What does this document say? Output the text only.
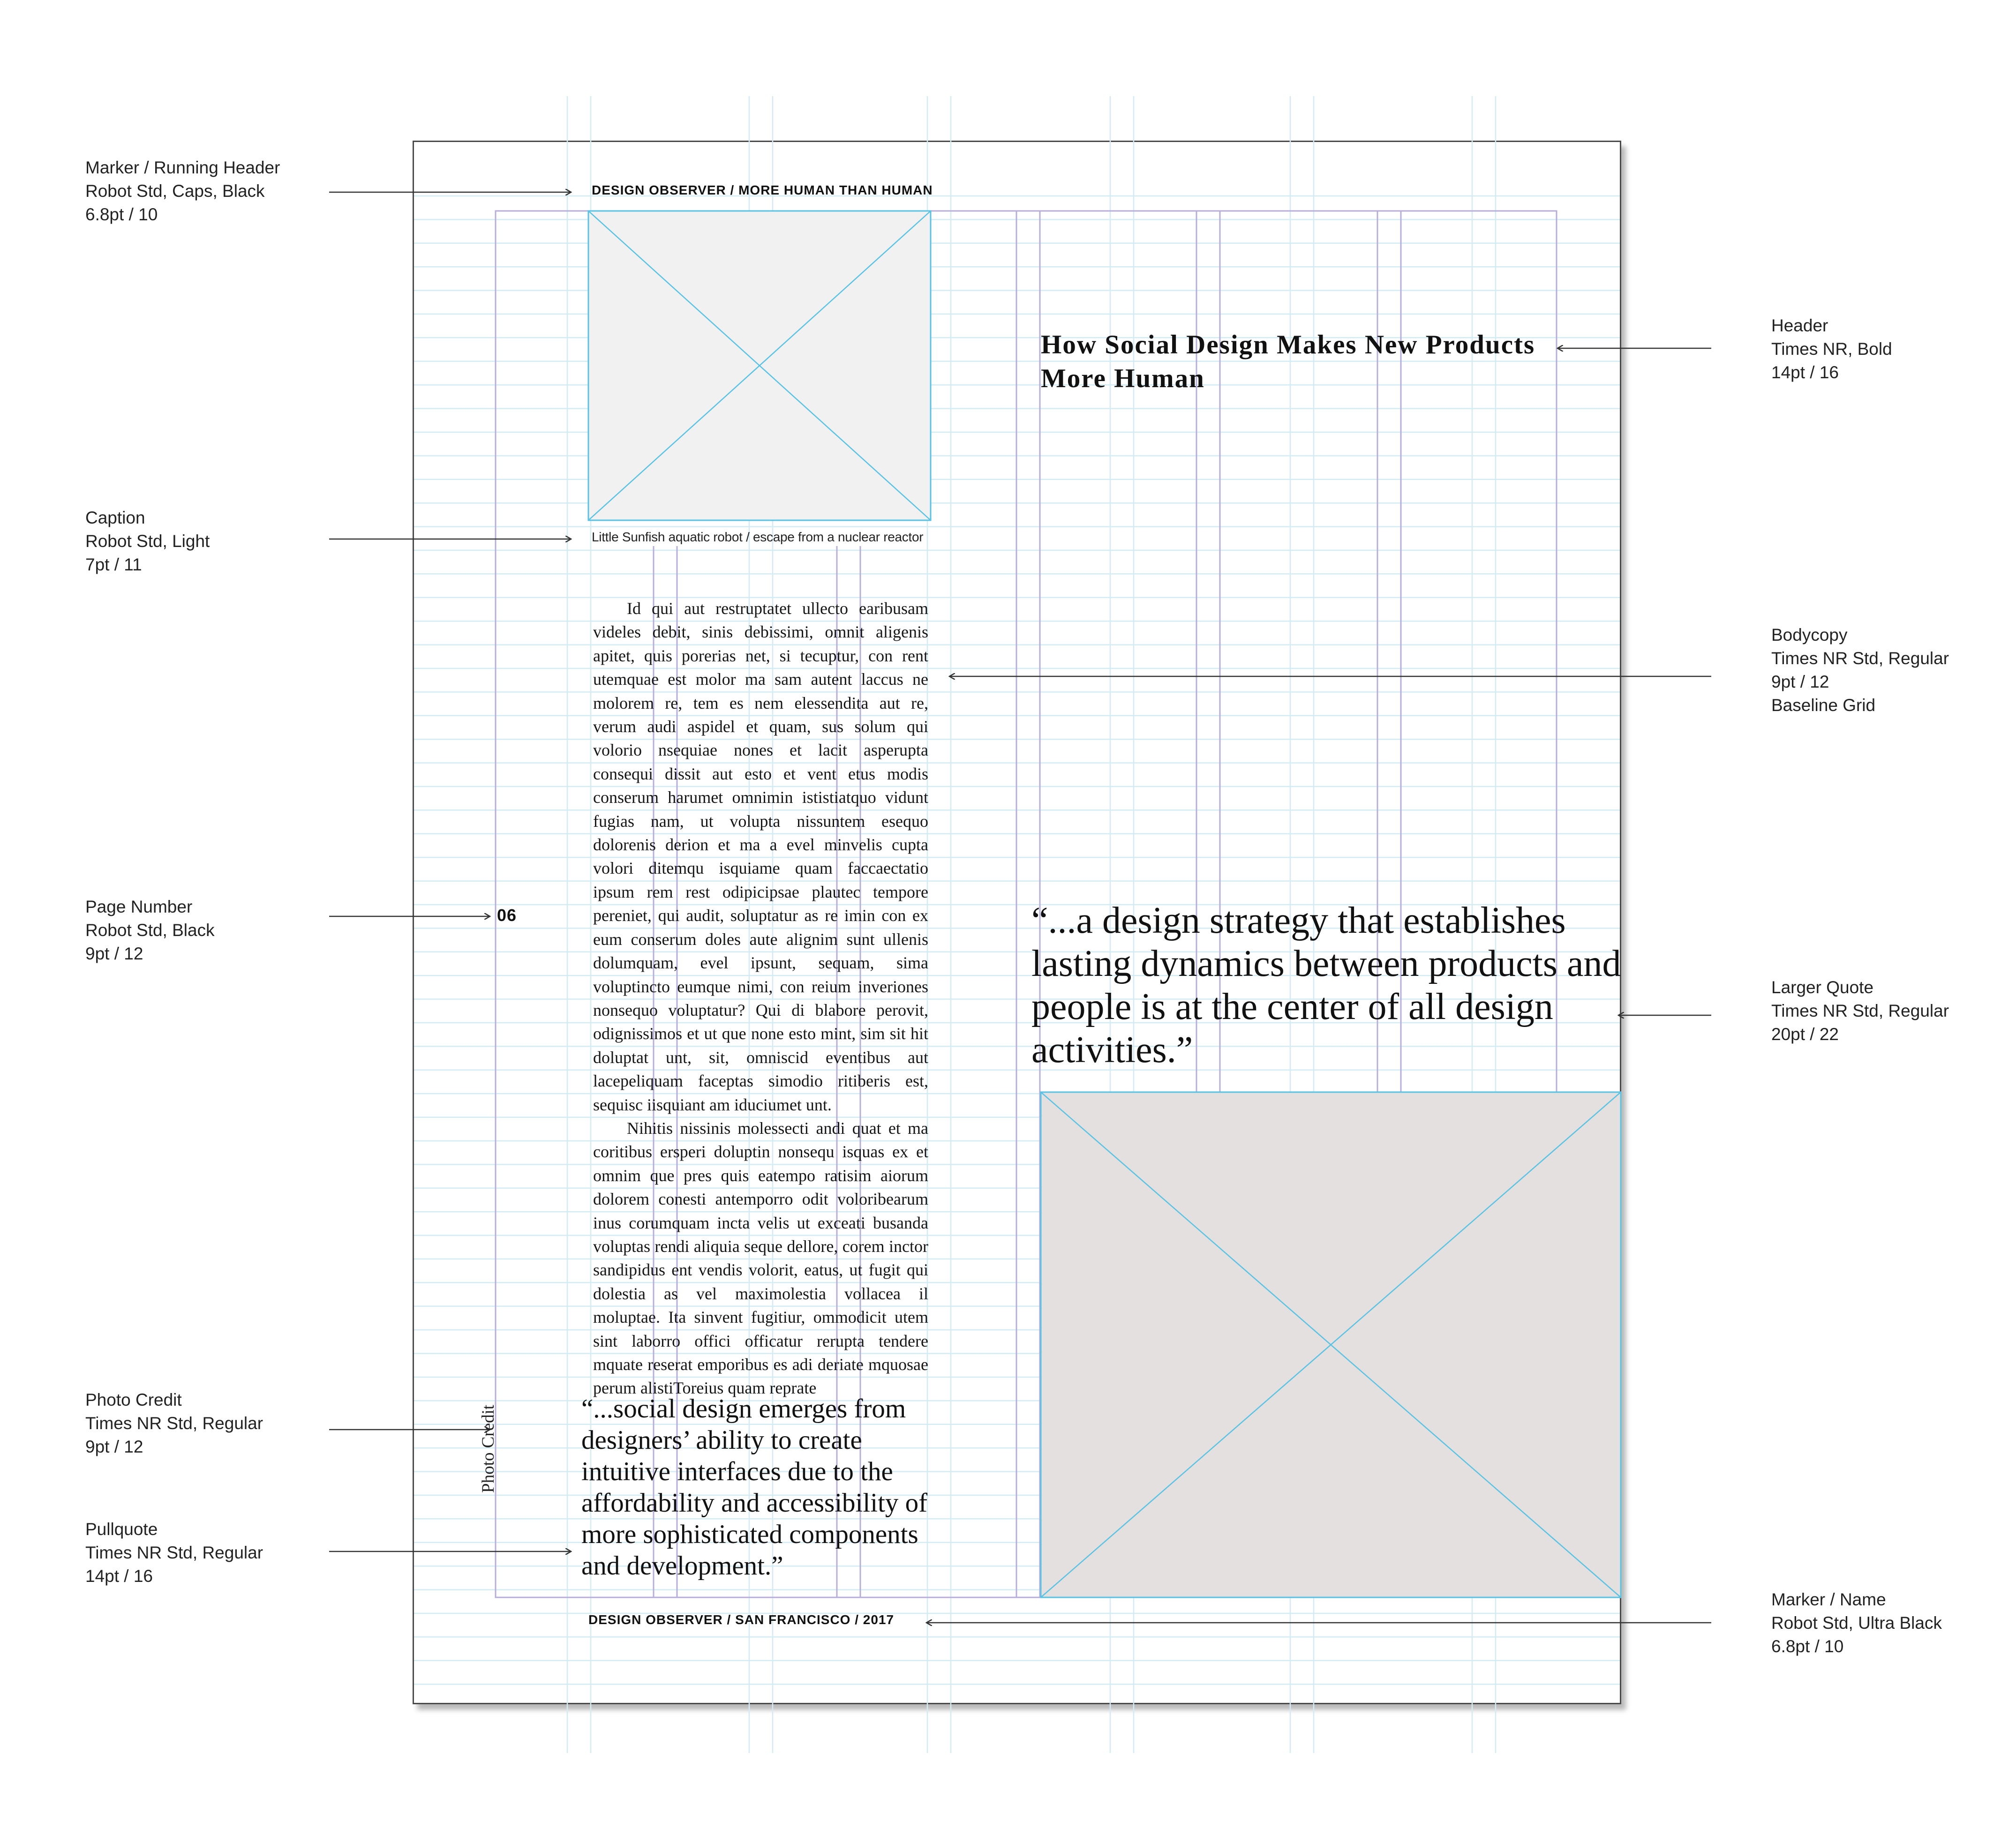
Marker / Running Header
Robot Std, Caps, Black
6.8pt / 10
Caption
Robot Std, Light
7pt / 11
Page Number
Robot Std, Black
9pt / 12
Photo Credit
Times NR Std, Regular
9pt / 12
Pullquote
Times NR Std, Regular
14pt / 16
Header
Times NR, Bold
14pt / 16
Bodycopy
Times NR Std, Regular
9pt / 12
Baseline Grid
Larger Quote
Times NR Std, Regular
20pt / 22
Marker / Name
Robot Std, Ultra Black
6.8pt / 10
DESIGN OBSERVER / MORE HUMAN THAN HUMAN
Little Sunfish aquatic robot / escape from a nuclear reactor
How Social Design Makes New Products More Human

Id qui aut restruptatet ullecto earibusam videles debit, sinis debissimi, omnit aligenis apitet, quis porerias net, si tecuptur, con rent utemquae est molor ma sam autent laccus ne molorem re, tem es nem elessendita aut re, verum audi aspidel et quam, sus solum qui volorio nsequiae nones et lacit asperupta consequi dissit aut esto et vent etus modis conserum harumet omnimin ististiatquo vidunt fugias nam, ut volupta nissuntem esequo dolorenis derion et ma a evel minvelis cupta volori ditemqu isquiame quam faccaectatio ipsum rem rest odipicipsae plautec tempore pereniet, qui audit, soluptatur as re imin con ex eum conserum doles aute alignim sunt ullenis dolumquam, evel ipsunt, sequam, sima voluptincto eumque nimi, con reium inveriones nonsequo voluptatur? Qui di blabore perovit, odignissimos et ut que none esto mint, sim sit hit doluptat unt, sit, omniscid eventibus aut lacepeliquam faceptas simodio ritiberis est, sequisc iisquiant am iduciumet unt.

Nihitis nissinis molessecti andi quat et ma coritibus ersperi doluptin nonsequ isquas ex et omnim que pres quis eatempo ratisim aiorum dolorem conesti antemporro odit voloribearum inus corumquam incta velis ut exceati busanda voluptas rendi aliquia seque dellore, corem inctor sandipidus ent vendis volorit, eatus, ut fugit qui dolestia as vel maximolestia vollacea il moluptae. Ita sinvent fugitiur, ommodicit utem sint laborro offici officatur rerupta tendere mquate reserat emporibus es adi deriate mquosae perum alistiToreius quam reprate

06
Photo Credit	“...social design emerges from designers’ ability to create intuitive interfaces due to the affordability and accessibility of more sophisticated components and development.”

“...a design strategy that establishes lasting dynamics between products and people is at the center of all design activities.”

DESIGN OBSERVER / SAN FRANCISCO / 2017
